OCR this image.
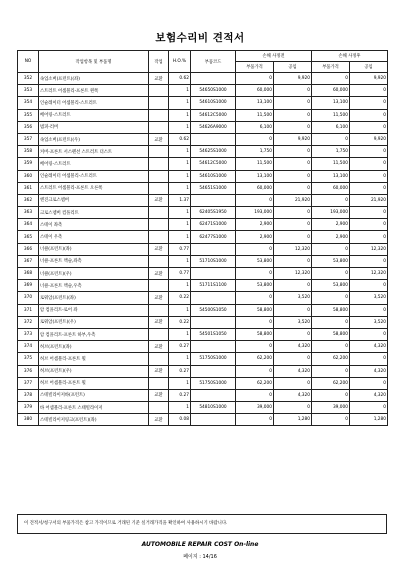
보험수리비 견적서
NO	작업항목 및 부품명	작업	H.O.%	부품코드	손해 사정전		손해 사정후	
					부품가격	공임	부품가격	공임
352	속업소버(프런트)(좌)	교환	0.62		0	9,920	0	9,920
353	스트러트 어셈블리-프론트 왼쪽		1	54650S1000	60,000	0	60,000	0
354	인슐레이터 어셈블리-스트러트		1	54610S1000	13,100	0	13,100	0
355	베어링-스트러트		1	54612C5000	11,500	0	11,500	0
356	범퍼-러버		1	54626A9000	6,100	0	6,100	0
357	속업소버(프런트)(우)	교환	0.62		0	9,920	0	9,920
358	커버-프론트 서스펜션 스트러트 더스트		1	54625S1000	1,750	0	1,750	0
359	베어링-스트러트		1	54612C5000	11,500	0	11,500	0
360	인슐레이터 어셈블리-스트러트		1	54610S1000	13,100	0	13,100	0
361	스트러트 어셈블리-프론트 오른쪽		1	54651S1000	60,000	0	60,000	0
362	엔진크로스멤버	교환	1.37		0	21,920	0	21,920
363	크로스멤버 컴플리트		1	62405S1950	193,000	0	193,000	0
364	스테이 좌측		1	62471S1000	2,900	0	2,900	0
365	스테이 우측		1	62477S1000	2,900	0	2,900	0
366	너클(프런트)(좌)	교환	0.77		0	12,320	0	12,320
367	너클-프론트 액슬,좌측		1	51710S1000	53,800	0	53,800	0
368	너클(프런트)(우)	교환	0.77		0	12,320	0	12,320
369	너클-프론트 액슬,우측		1	51711S1100	53,800	0	53,800	0
370	로워암(프런트)(좌)	교환	0.22		0	3,520	0	3,520
371	암 컴플리트-로어 좌		1	54500S1050	58,800	0	58,800	0
372	로워암(프런트)(우)	교환	0.22		0	3,520	0	3,520
373	암 컴플리트-프론트 하부,우측		1	54501S1050	58,800	0	58,800	0
374	허브(프런트)(좌)	교환	0.27		0	4,320	0	4,320
375	허브 어셈블리-프론트 휠		1	51750S1000	62,200	0	62,200	0
376	허브(프런트)(우)	교환	0.27		0	4,320	0	4,320
377	허브 어셈블리-프론트 휠		1	51750S1000	62,200	0	62,200	0
378	스테빌라이저바(프런트)	교환	0.27		0	4,320	0	4,320
379	바 어셈블리-프론트 스태빌라이저		1	54810S1000	39,000	0	39,000	0
380	스테빌라이저링크(프런트)(좌)	교환	0.08		0	1,280	0	1,280
이 견적서/청구서의 부품가격은 참고 가격이므로 거래된 기준 실거래가격을 확인하여 사용하시기 바랍니다.
AUTOMOBILE REPAIR COST On-line
페이지 : 14/16
